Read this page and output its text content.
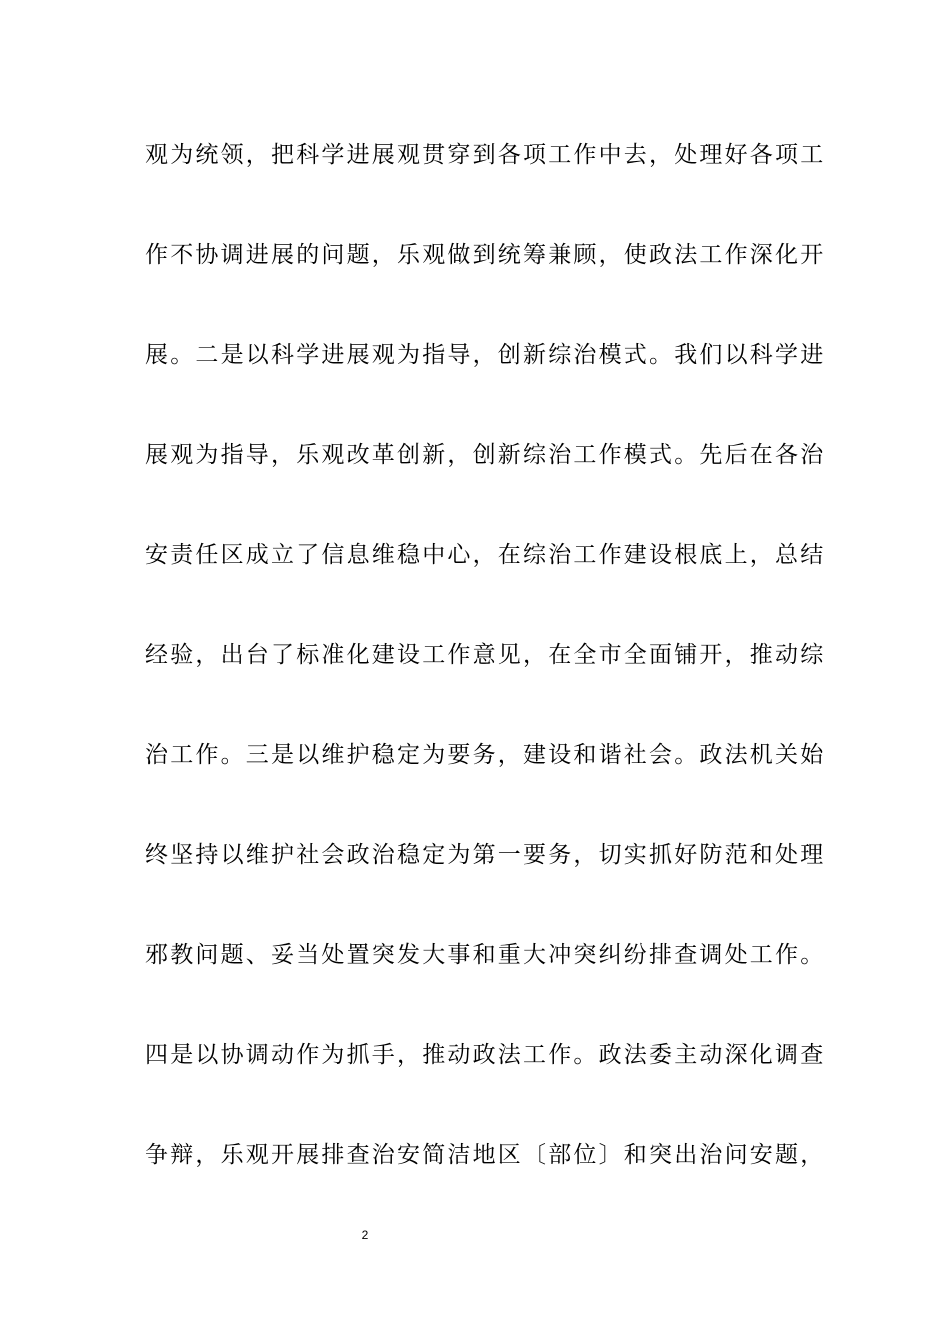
观为统领，把科学进展观贯穿到各项工作中去，处理好各项工
作不协调进展的问题，乐观做到统筹兼顾，使政法工作深化开
展。二是以科学进展观为指导，创新综治模式。我们以科学进
展观为指导，乐观改革创新，创新综治工作模式。先后在各治
安责任区成立了信息维稳中心，在综治工作建设根底上，总结
经验，出台了标准化建设工作意见，在全市全面铺开，推动综
治工作。三是以维护稳定为要务，建设和谐社会。政法机关始
终坚持以维护社会政治稳定为第一要务，切实抓好防范和处理
邪教问题、妥当处置突发大事和重大冲突纠纷排查调处工作。
四是以协调动作为抓手，推动政法工作。政法委主动深化调查
争辩，乐观开展排查治安简洁地区〔部位〕和突出治问安题，
2
